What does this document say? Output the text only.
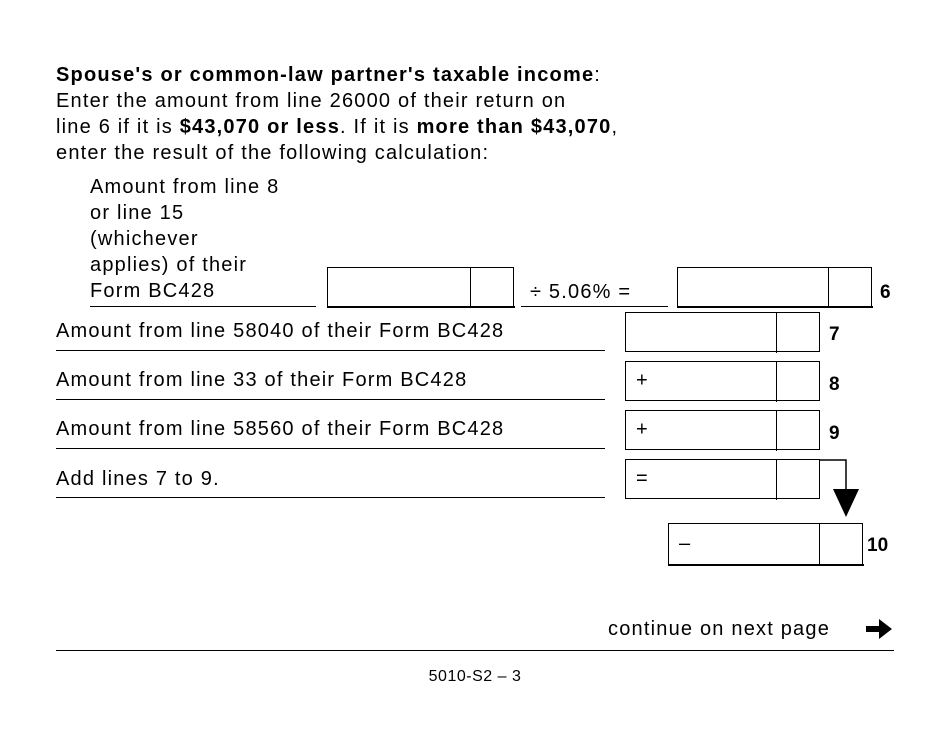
Spouse's or common-law partner's taxable income:
Enter the amount from line 26000 of their return on
line 6 if it is $43,070 or less. If it is more than $43,070,
enter the result of the following calculation:
Amount from line 8
or line 15
(whichever
applies) of their
Form BC428	÷ 5.06% =	6
Amount from line 58040 of their Form BC428	7
Amount from line 33 of their Form BC428	+	8
Amount from line 58560 of their Form BC428	+	9
Add lines 7 to 9.	=
–	10
continue on next page
5010-S2 – 3
